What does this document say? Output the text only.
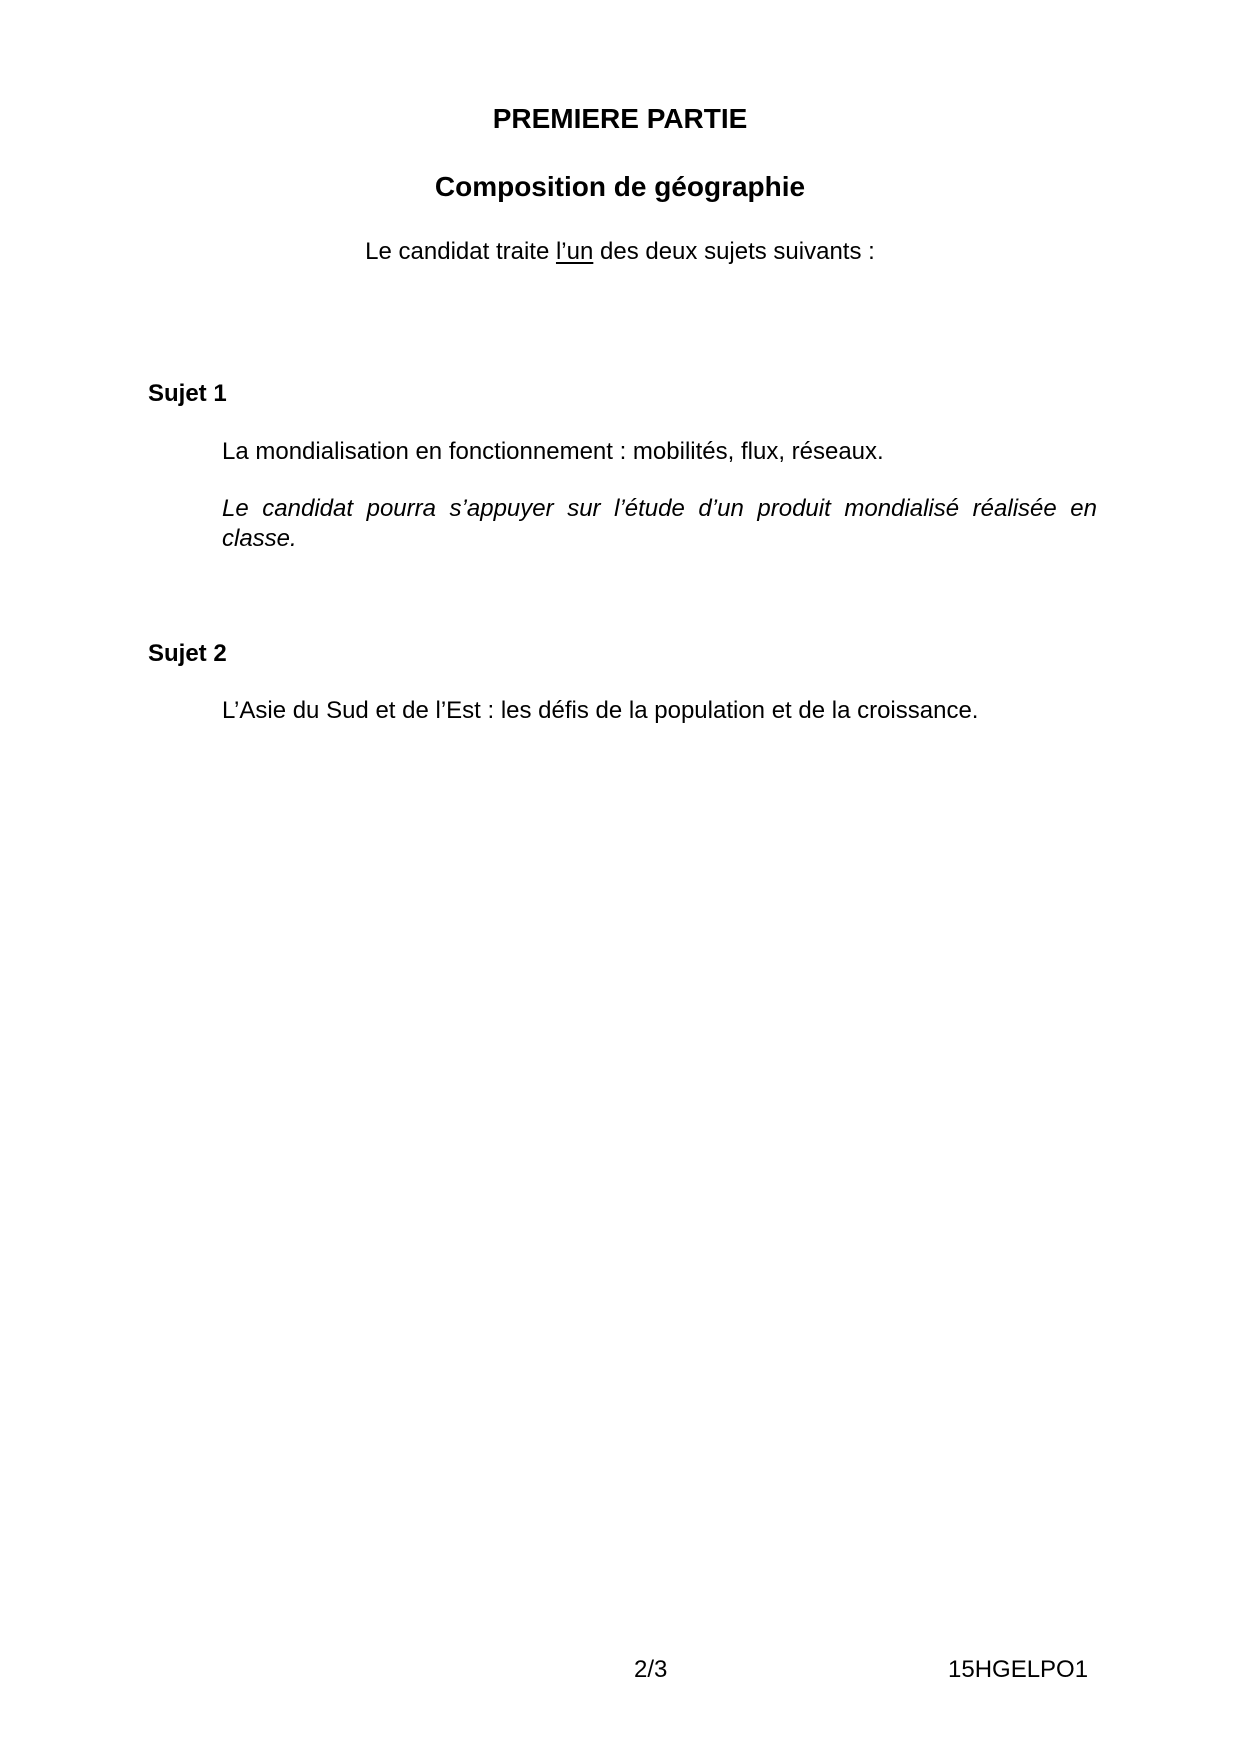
PREMIERE PARTIE
Composition de géographie
Le candidat traite l’un des deux sujets suivants :
Sujet 1
La mondialisation en fonctionnement : mobilités, flux, réseaux.
Le candidat pourra s’appuyer sur l’étude d’un produit mondialisé réalisée en classe.
Sujet 2
L’Asie du Sud et de l’Est : les défis de la population et de la croissance.
2/3	15HGELPO1
